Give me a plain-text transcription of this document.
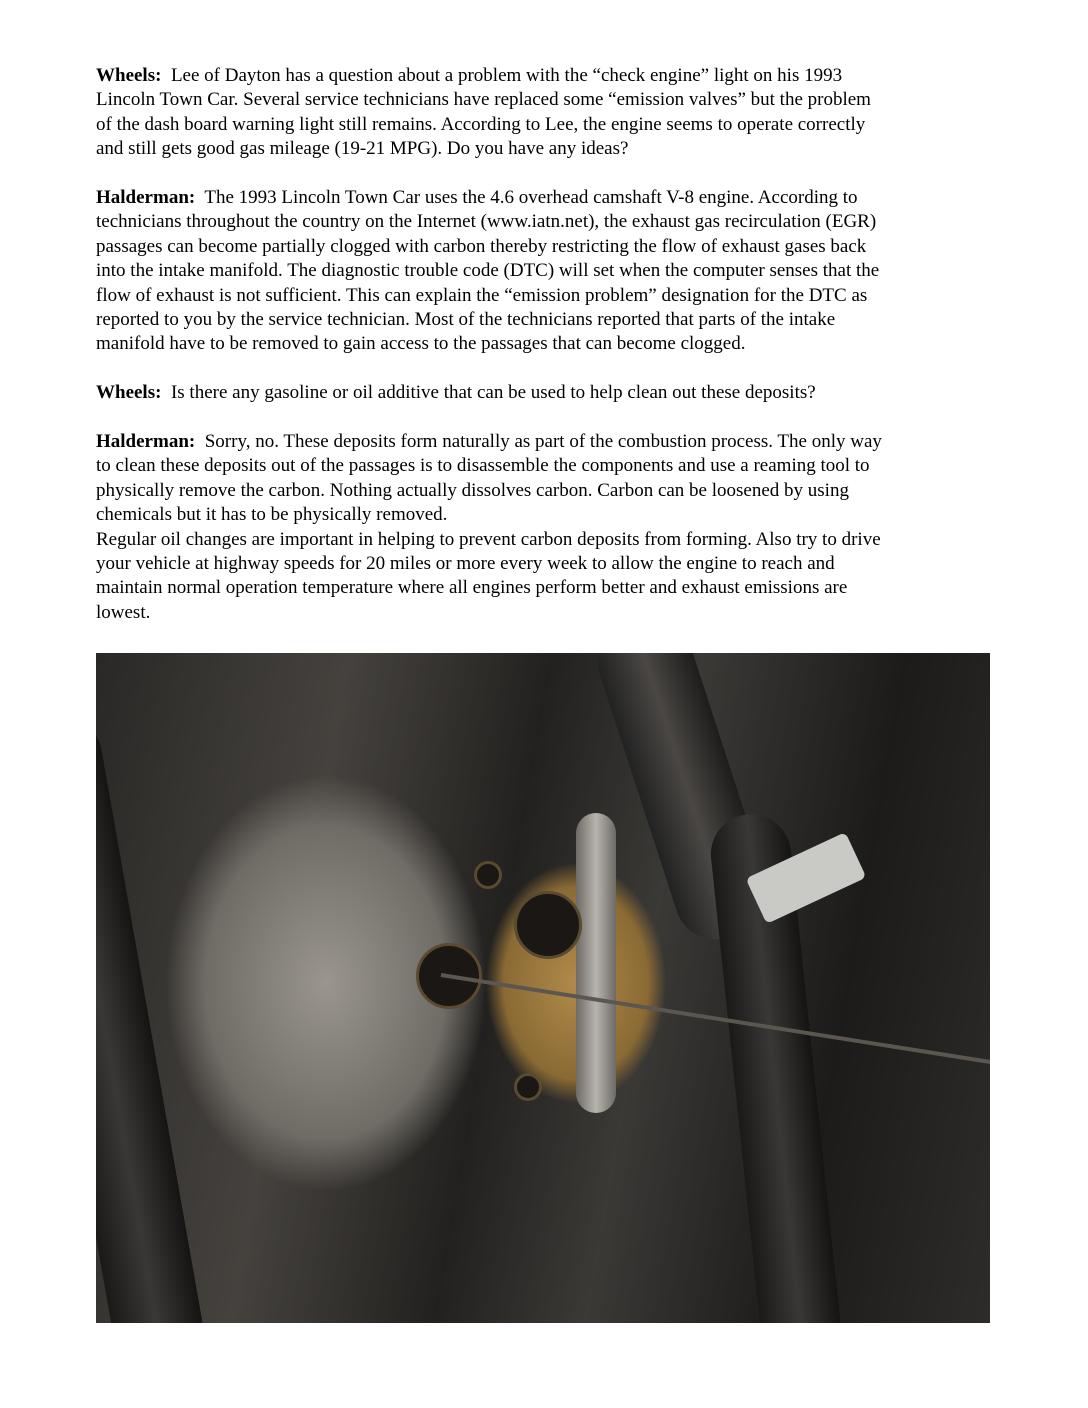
Wheels: Lee of Dayton has a question about a problem with the “check engine” light on his 1993
Lincoln Town Car. Several service technicians have replaced some “emission valves” but the problem
of the dash board warning light still remains. According to Lee, the engine seems to operate correctly
and still gets good gas mileage (19-21 MPG). Do you have any ideas?

Halderman: The 1993 Lincoln Town Car uses the 4.6 overhead camshaft V-8 engine. According to
technicians throughout the country on the Internet (www.iatn.net), the exhaust gas recirculation (EGR)
passages can become partially clogged with carbon thereby restricting the flow of exhaust gases back
into the intake manifold. The diagnostic trouble code (DTC) will set when the computer senses that the
flow of exhaust is not sufficient. This can explain the “emission problem” designation for the DTC as
reported to you by the service technician. Most of the technicians reported that parts of the intake
manifold have to be removed to gain access to the passages that can become clogged.

Wheels: Is there any gasoline or oil additive that can be used to help clean out these deposits?

Halderman: Sorry, no. These deposits form naturally as part of the combustion process. The only way
to clean these deposits out of the passages is to disassemble the components and use a reaming tool to
physically remove the carbon. Nothing actually dissolves carbon. Carbon can be loosened by using
chemicals but it has to be physically removed.

Regular oil changes are important in helping to prevent carbon deposits from forming. Also try to drive
your vehicle at highway speeds for 20 miles or more every week to allow the engine to reach and
maintain normal operation temperature where all engines perform better and exhaust emissions are
lowest.
